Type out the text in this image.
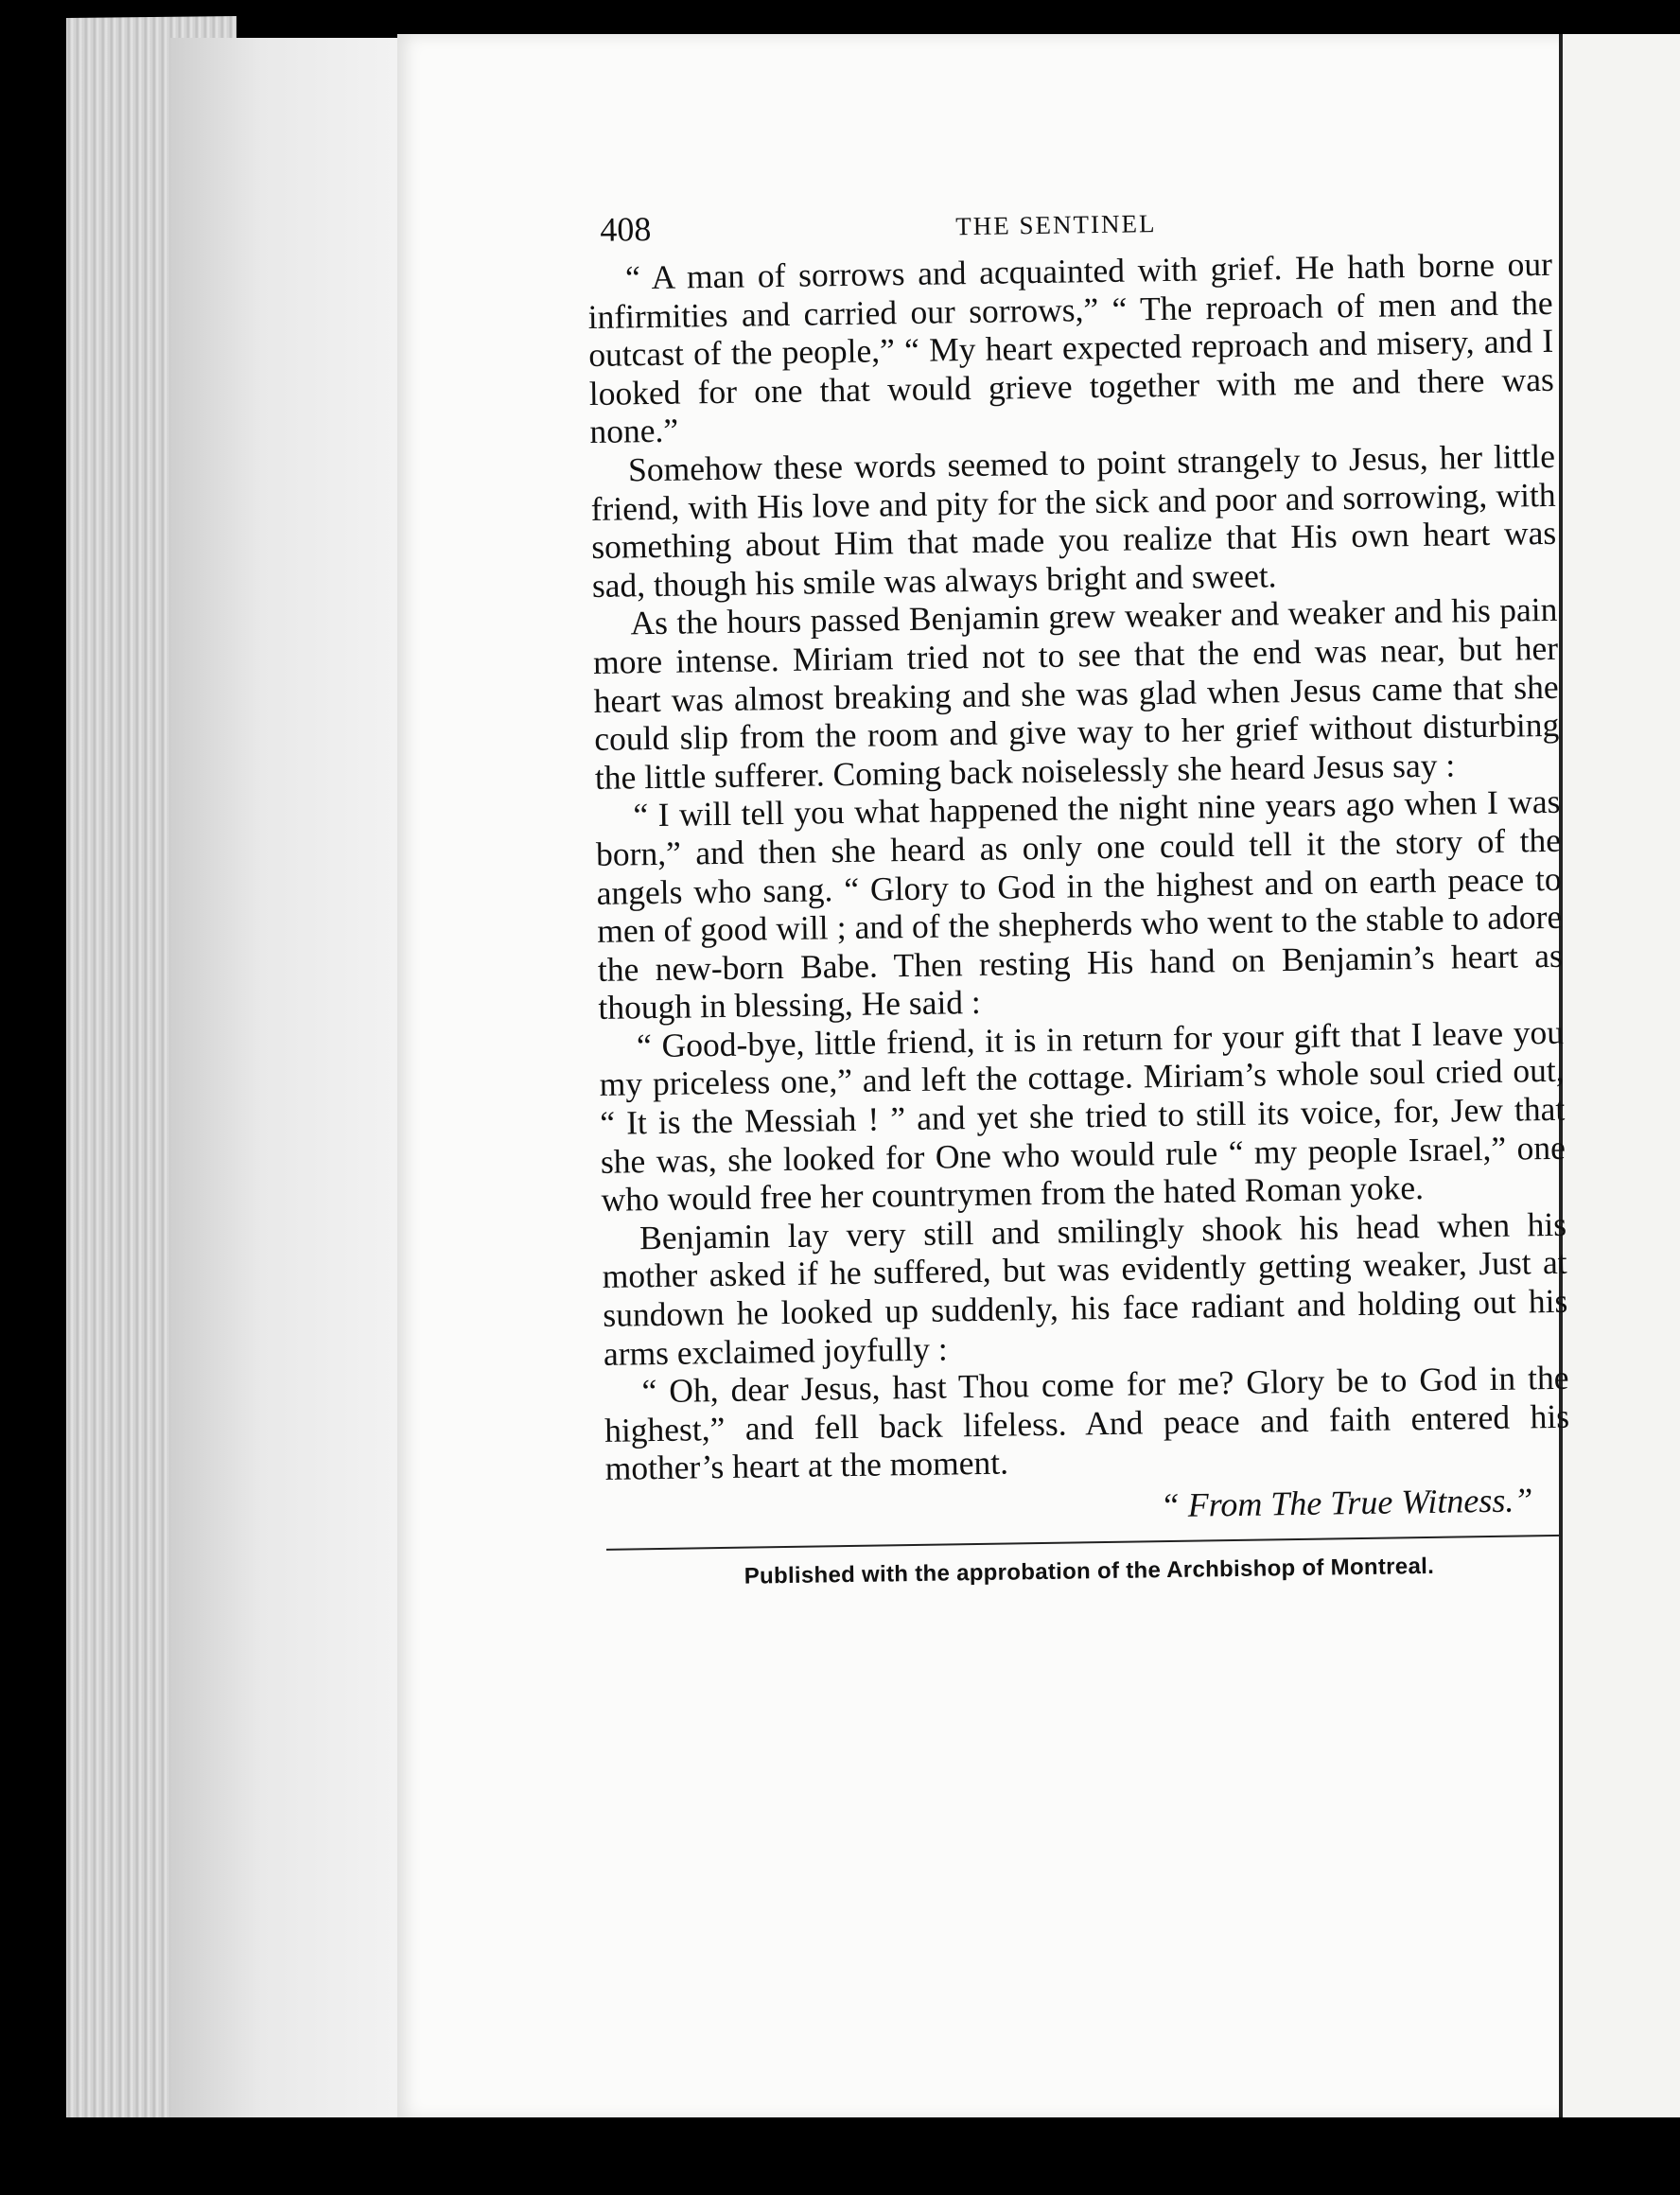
408	THE SENTINEL

“ A man of sorrows and acquainted with grief. He hath borne our infirmities and carried our sorrows,” “ The reproach of men and the outcast of the people,” “ My heart expected reproach and misery, and I looked for one that would grieve together with me and there was none.”

Somehow these words seemed to point strangely to Jesus, her little friend, with His love and pity for the sick and poor and sorrowing, with something about Him that made you realize that His own heart was sad, though his smile was always bright and sweet.

As the hours passed Benjamin grew weaker and weaker and his pain more intense. Miriam tried not to see that the end was near, but her heart was almost breaking and she was glad when Jesus came that she could slip from the room and give way to her grief without disturbing the little sufferer. Coming back noiselessly she heard Jesus say :

“ I will tell you what happened the night nine years ago when I was born,” and then she heard as only one could tell it the story of the angels who sang. “ Glory to God in the highest and on earth peace to men of good will ; and of the shepherds who went to the stable to adore the new-born Babe. Then resting His hand on Benjamin’s heart as though in blessing, He said :

“ Good-bye, little friend, it is in return for your gift that I leave you my priceless one,” and left the cottage. Miriam’s whole soul cried out, “ It is the Messiah ! ” and yet she tried to still its voice, for, Jew that she was, she looked for One who would rule “ my people Israel,” one who would free her countrymen from the hated Roman yoke.

Benjamin lay very still and smilingly shook his head when his mother asked if he suffered, but was evidently getting weaker, Just at sundown he looked up suddenly, his face radiant and holding out his arms exclaimed joyfully :

“ Oh, dear Jesus, hast Thou come for me? Glory be to God in the highest,” and fell back lifeless. And peace and faith entered his mother’s heart at the moment.

“ From The True Witness.”
Published with the approbation of the Archbishop of Montreal.
